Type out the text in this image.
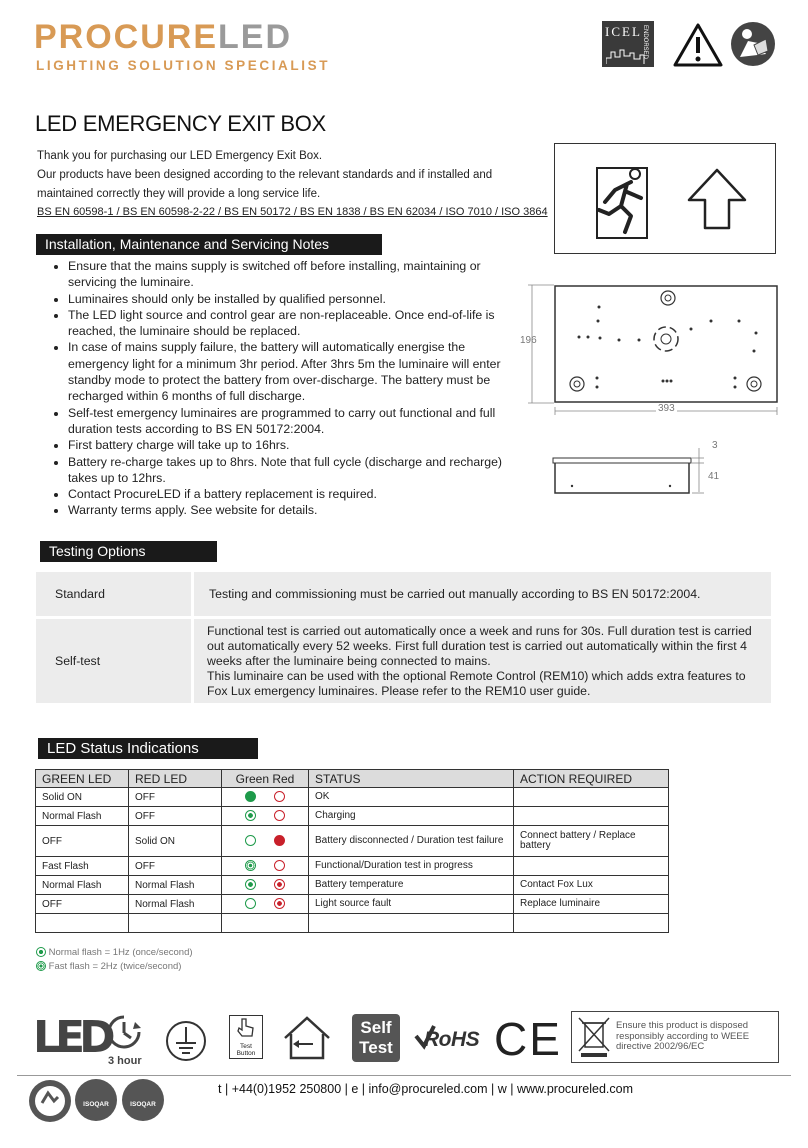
PROCURELED
LIGHTING SOLUTION SPECIALIST
ICEL ENDORSED
LED EMERGENCY EXIT BOX
Thank you for purchasing our LED Emergency Exit Box.
Our products have been designed according to the relevant standards and if installed and maintained correctly they will provide a long service life.
BS EN 60598-1 / BS EN 60598-2-22 / BS EN 50172 / BS EN 1838 / BS EN 62034 / ISO 7010 / ISO 3864
196
393
3
41
Installation, Maintenance and Servicing Notes
• Ensure that the mains supply is switched off before installing, maintaining or servicing the luminaire.
• Luminaires should only be installed by qualified personnel.
• The LED light source and control gear are non-replaceable. Once end-of-life is reached, the luminaire should be replaced.
• In case of mains supply failure, the battery will automatically energise the emergency light for a minimum 3hr period. After 3hrs 5m the luminaire will enter standby mode to protect the battery from over-discharge. The battery must be recharged within 6 months of full discharge.
• Self-test emergency luminaires are programmed to carry out functional and full duration tests according to BS EN 50172:2004.
• First battery charge will take up to 16hrs.
• Battery re-charge takes up to 8hrs. Note that full cycle (discharge and recharge) takes up to 12hrs.
• Contact ProcureLED if a battery replacement is required.
• Warranty terms apply. See website for details.
Testing Options
Standard		Testing and commissioning must be carried out manually according to BS EN 50172:2004.

Self-test		Functional test is carried out automatically once a week and runs for 30s. Full duration test is carried out automatically every 52 weeks. First full duration test is carried out automatically within the first 4 weeks after the luminaire being connected to mains.
This luminaire can be used with the optional Remote Control (REM10) which adds extra features to Fox Lux emergency luminaires. Please refer to the REM10 user guide.
LED Status Indications
GREEN LED	RED LED	Green Red	STATUS	ACTION REQUIRED
Solid ON	OFF		OK	
Normal Flash	OFF		Charging	
OFF	Solid ON		Battery disconnected / Duration test failure	Connect battery / Replace battery
Fast Flash	OFF		Functional/Duration test in progress	
Normal Flash	Normal Flash		Battery temperature	Contact Fox Lux
OFF	Normal Flash		Light source fault	Replace luminaire

Normal flash = 1Hz (once/second)
Fast flash = 2Hz (twice/second)
LED
3 hour
Test Button
Self Test	RoHS CE	Ensure this product is disposed responsibly according to WEEE directive 2002/96/EC
ISOQAR	ISOQAR
t | +44(0)1952 250800 | e | info@procureled.com | w | www.procureled.com
